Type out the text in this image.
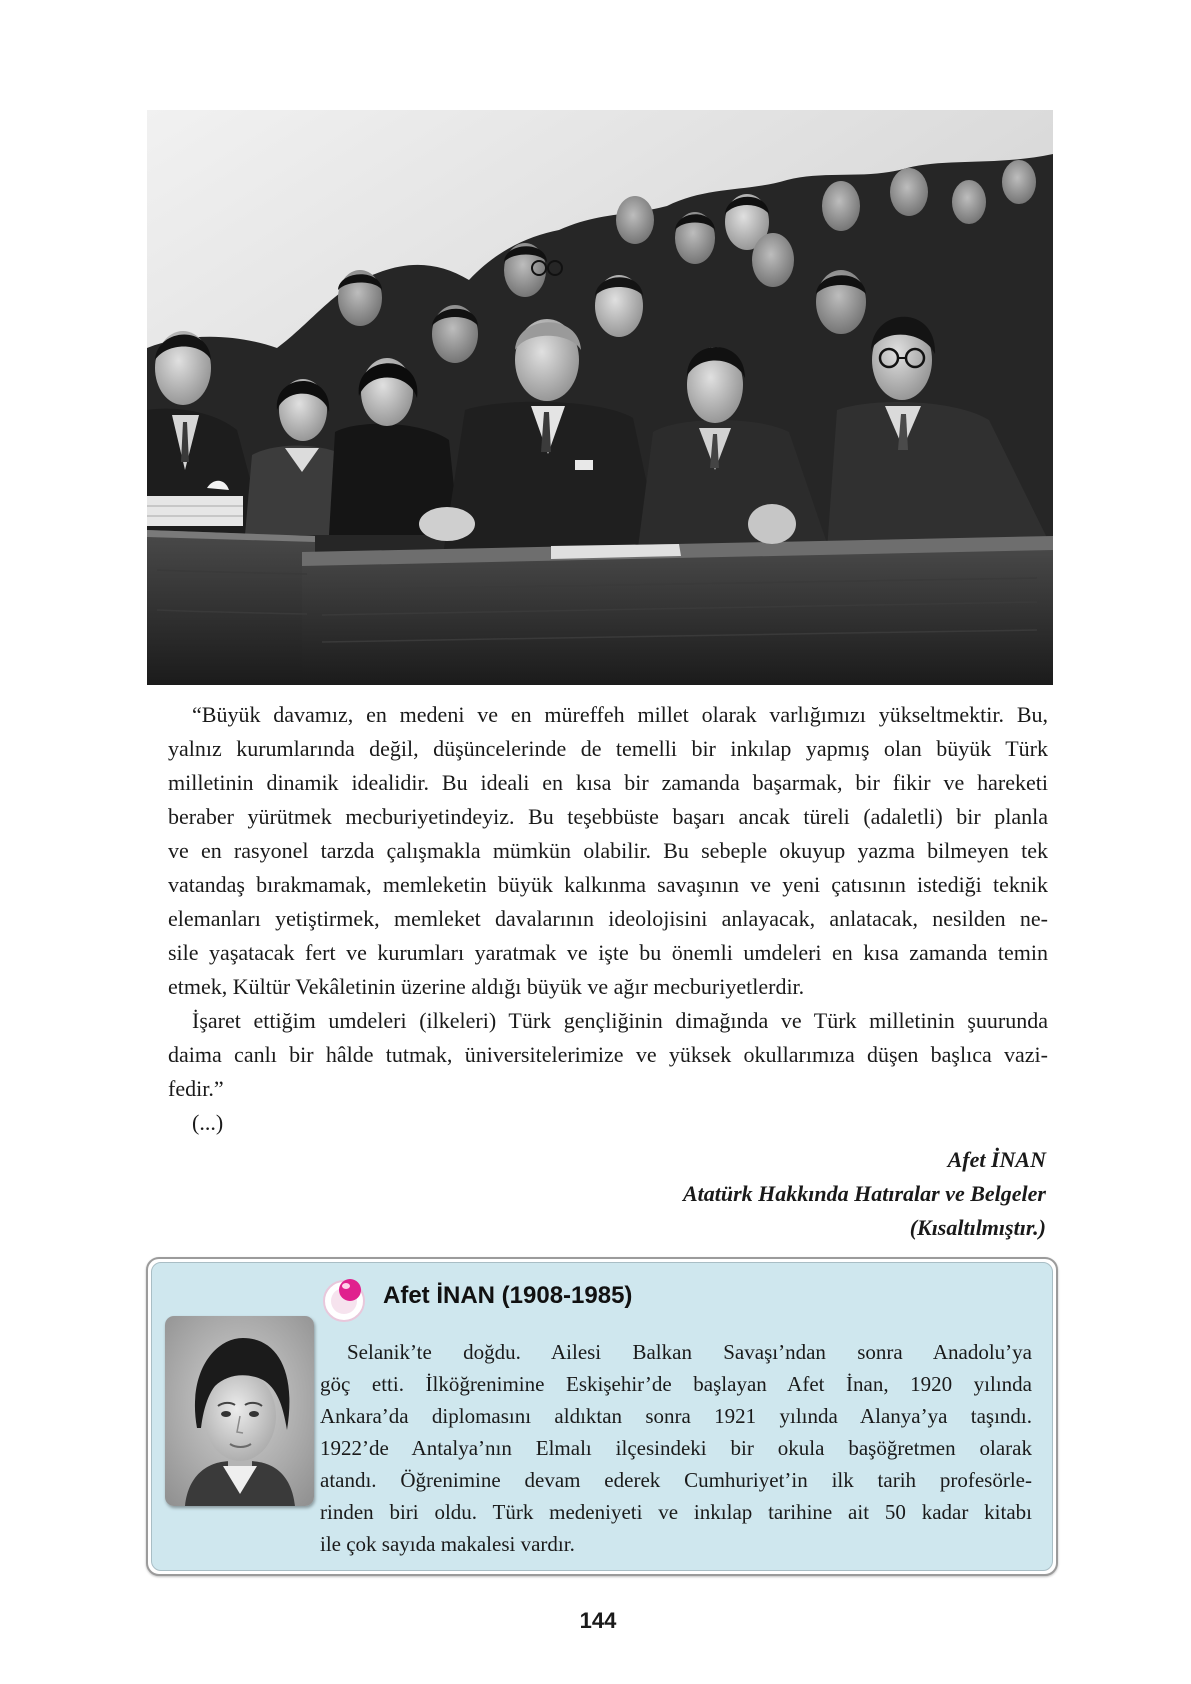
“Büyük davamız, en medeni ve en müreffeh millet olarak varlığımızı yükseltmektir. Bu,
yalnız kurumlarında değil, düşüncelerinde de temelli bir inkılap yapmış olan büyük Türk
milletinin dinamik idealidir. Bu ideali en kısa bir zamanda başarmak, bir fikir ve hareketi
beraber yürütmek mecburiyetindeyiz. Bu teşebbüste başarı ancak türeli (adaletli) bir planla
ve en rasyonel tarzda çalışmakla mümkün olabilir. Bu sebeple okuyup yazma bilmeyen tek
vatandaş bırakmamak, memleketin büyük kalkınma savaşının ve yeni çatısının istediği teknik
elemanları yetiştirmek, memleket davalarının ideolojisini anlayacak, anlatacak, nesilden ne-
sile yaşatacak fert ve kurumları yaratmak ve işte bu önemli umdeleri en kısa zamanda temin
etmek, Kültür Vekâletinin üzerine aldığı büyük ve ağır mecburiyetlerdir.
İşaret ettiğim umdeleri (ilkeleri) Türk gençliğinin dimağında ve Türk milletinin şuurunda
daima canlı bir hâlde tutmak, üniversitelerimize ve yüksek okullarımıza düşen başlıca vazi-
fedir.”
(...)
Afet İNAN
Atatürk Hakkında Hatıralar ve Belgeler
(Kısaltılmıştır.)
Afet İNAN (1908-1985)
Selanik’te doğdu. Ailesi Balkan Savaşı’ndan sonra Anadolu’ya
göç etti. İlköğrenimine Eskişehir’de başlayan Afet İnan, 1920 yılında
Ankara’da diplomasını aldıktan sonra 1921 yılında Alanya’ya taşındı.
1922’de Antalya’nın Elmalı ilçesindeki bir okula başöğretmen olarak
atandı. Öğrenimine devam ederek Cumhuriyet’in ilk tarih profesörle-
rinden biri oldu. Türk medeniyeti ve inkılap tarihine ait 50 kadar kitabı
ile çok sayıda makalesi vardır.
144
